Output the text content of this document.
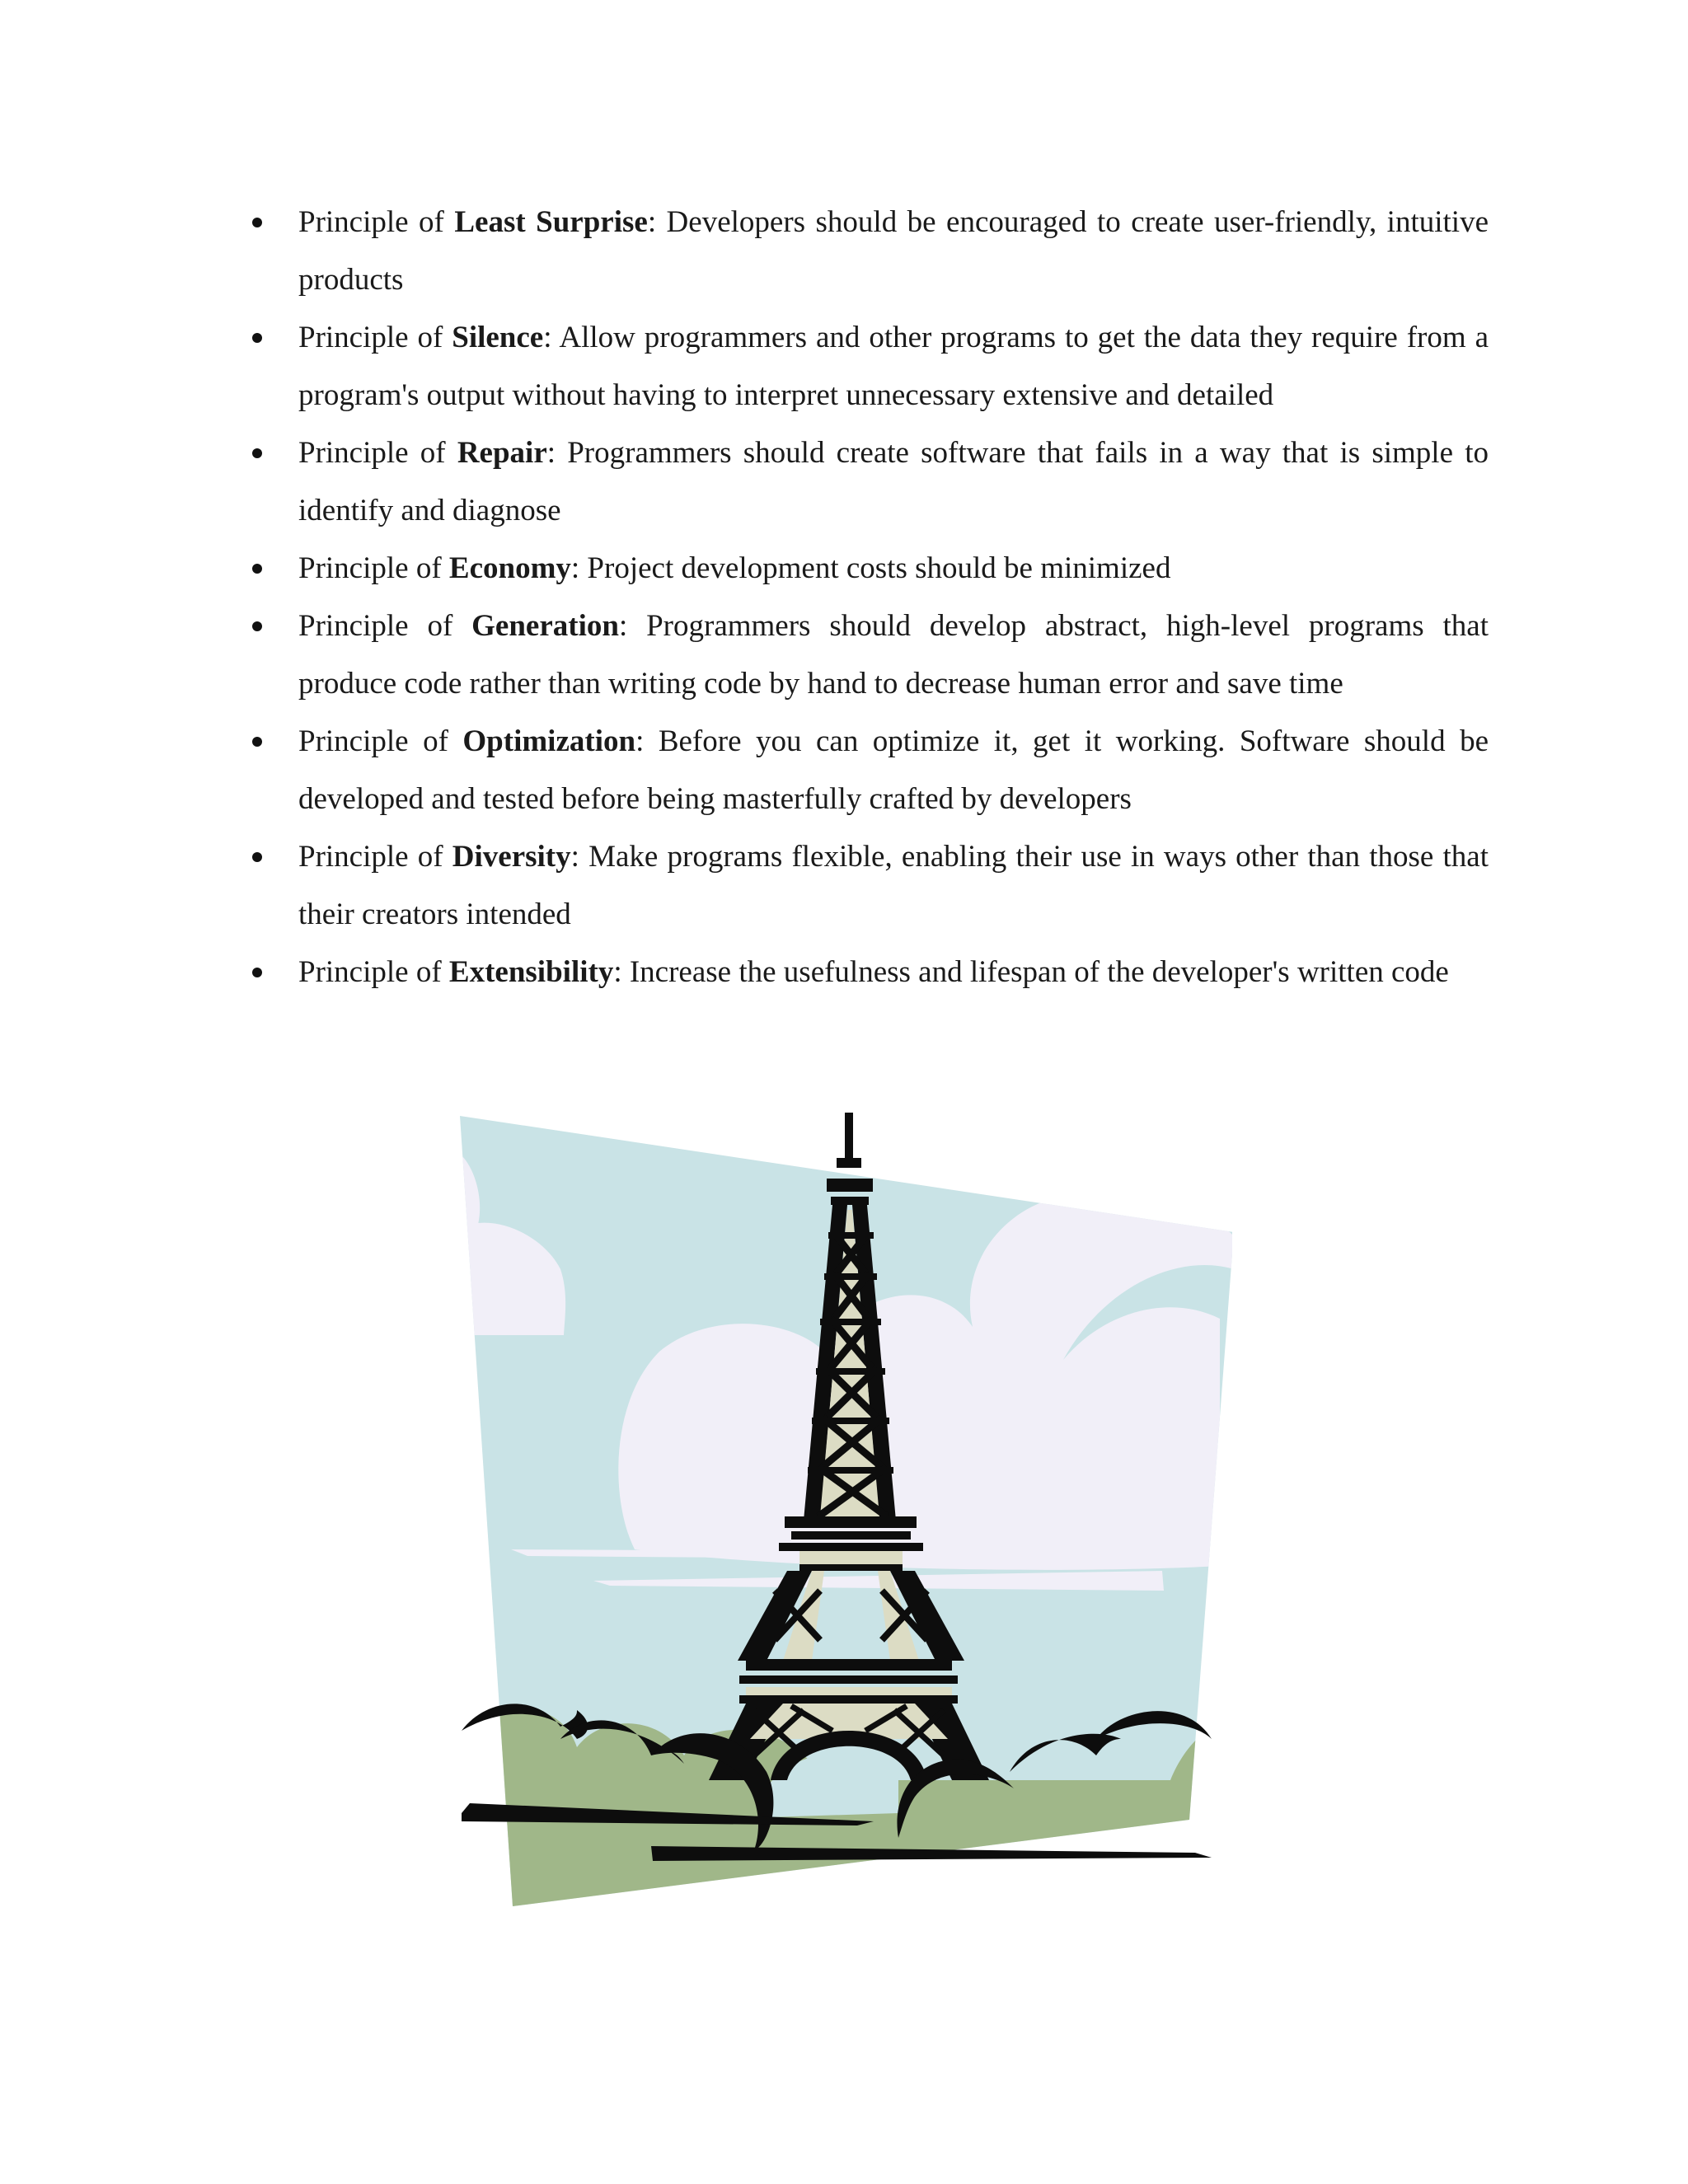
Principle of Least Surprise: Developers should be encouraged to create user-friendly, intuitive products
Principle of Silence: Allow programmers and other programs to get the data they require from a program's output without having to interpret unnecessary extensive and detailed
Principle of Repair: Programmers should create software that fails in a way that is simple to identify and diagnose
Principle of Economy: Project development costs should be minimized
Principle of Generation: Programmers should develop abstract, high-level programs that produce code rather than writing code by hand to decrease human error and save time
Principle of Optimization: Before you can optimize it, get it working. Software should be developed and tested before being masterfully crafted by developers
Principle of Diversity: Make programs flexible, enabling their use in ways other than those that their creators intended
Principle of Extensibility: Increase the usefulness and lifespan of the developer's written code
